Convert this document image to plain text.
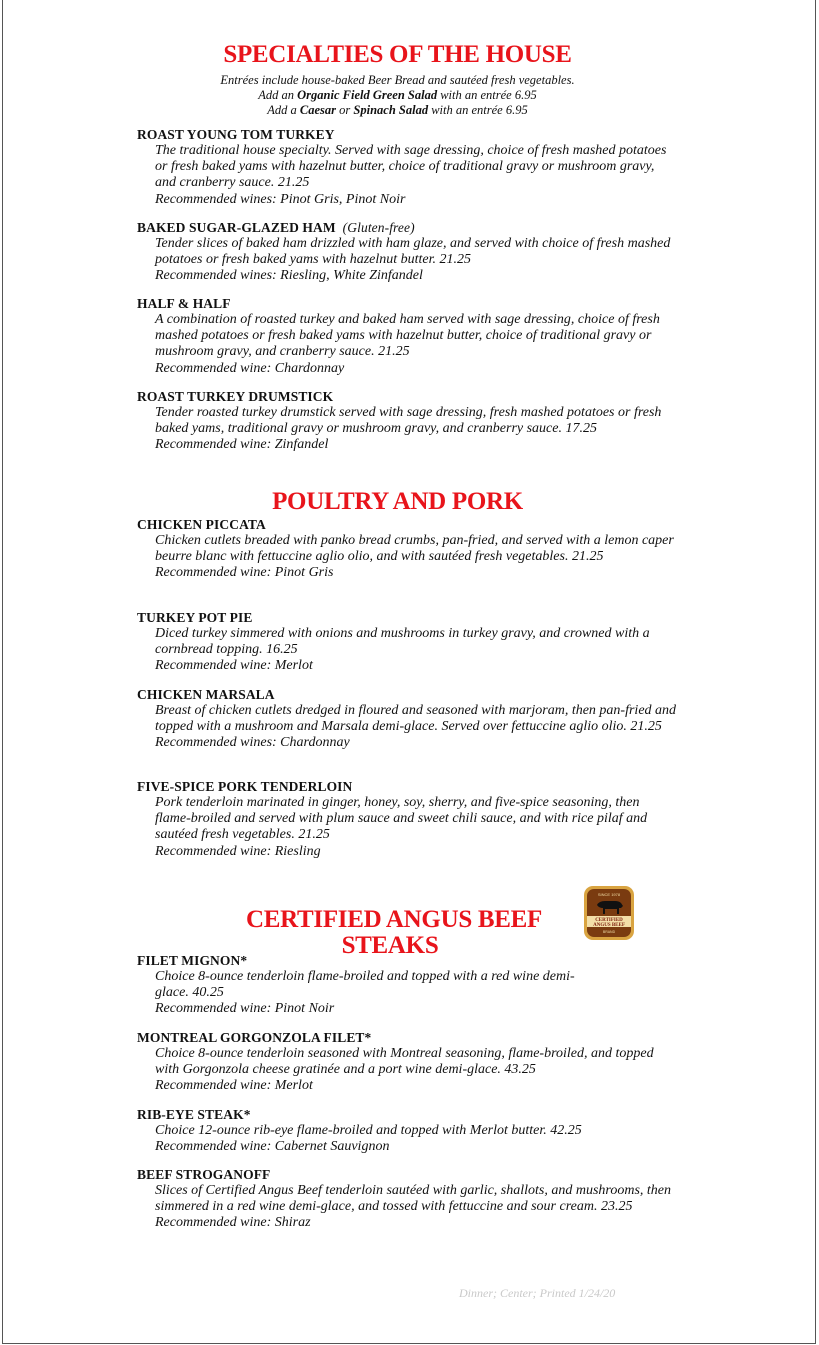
SPECIALTIES OF THE HOUSE
Entrées include house-baked Beer Bread and sautéed fresh vegetables.
Add an Organic Field Green Salad with an entrée 6.95
Add a Caesar or Spinach Salad with an entrée 6.95
ROAST YOUNG TOM TURKEY
The traditional house specialty. Served with sage dressing, choice of fresh mashed potatoes or fresh baked yams with hazelnut butter, choice of traditional gravy or mushroom gravy, and cranberry sauce. 21.25
Recommended wines: Pinot Gris, Pinot Noir
BAKED SUGAR-GLAZED HAM (Gluten-free)
Tender slices of baked ham drizzled with ham glaze, and served with choice of fresh mashed potatoes or fresh baked yams with hazelnut butter. 21.25
Recommended wines: Riesling, White Zinfandel
HALF & HALF
A combination of roasted turkey and baked ham served with sage dressing, choice of fresh mashed potatoes or fresh baked yams with hazelnut butter, choice of traditional gravy or mushroom gravy, and cranberry sauce. 21.25
Recommended wine: Chardonnay
ROAST TURKEY DRUMSTICK
Tender roasted turkey drumstick served with sage dressing, fresh mashed potatoes or fresh baked yams, traditional gravy or mushroom gravy, and cranberry sauce. 17.25
Recommended wine: Zinfandel
POULTRY AND PORK
CHICKEN PICCATA
Chicken cutlets breaded with panko bread crumbs, pan-fried, and served with a lemon caper beurre blanc with fettuccine aglio olio, and with sautéed fresh vegetables. 21.25
Recommended wine: Pinot Gris
TURKEY POT PIE
Diced turkey simmered with onions and mushrooms in turkey gravy, and crowned with a cornbread topping. 16.25
Recommended wine: Merlot
CHICKEN MARSALA
Breast of chicken cutlets dredged in floured and seasoned with marjoram, then pan-fried and topped with a mushroom and Marsala demi-glace. Served over fettuccine aglio olio. 21.25
Recommended wines: Chardonnay
FIVE-SPICE PORK TENDERLOIN
Pork tenderloin marinated in ginger, honey, soy, sherry, and five-spice seasoning, then flame-broiled and served with plum sauce and sweet chili sauce, and with rice pilaf and sautéed fresh vegetables. 21.25
Recommended wine: Riesling
CERTIFIED ANGUS BEEF
STEAKS
SINCE 1978
CERTIFIED
ANGUS BEEF
BRAND
FILET MIGNON*
Choice 8-ounce tenderloin flame-broiled and topped with a red wine demi-glace. 40.25
Recommended wine: Pinot Noir
MONTREAL GORGONZOLA FILET*
Choice 8-ounce tenderloin seasoned with Montreal seasoning, flame-broiled, and topped with Gorgonzola cheese gratinée and a port wine demi-glace. 43.25
Recommended wine: Merlot
RIB-EYE STEAK*
Choice 12-ounce rib-eye flame-broiled and topped with Merlot butter. 42.25
Recommended wine: Cabernet Sauvignon
BEEF STROGANOFF
Slices of Certified Angus Beef tenderloin sautéed with garlic, shallots, and mushrooms, then simmered in a red wine demi-glace, and tossed with fettuccine and sour cream. 23.25
Recommended wine: Shiraz
Dinner; Center; Printed 1/24/20
